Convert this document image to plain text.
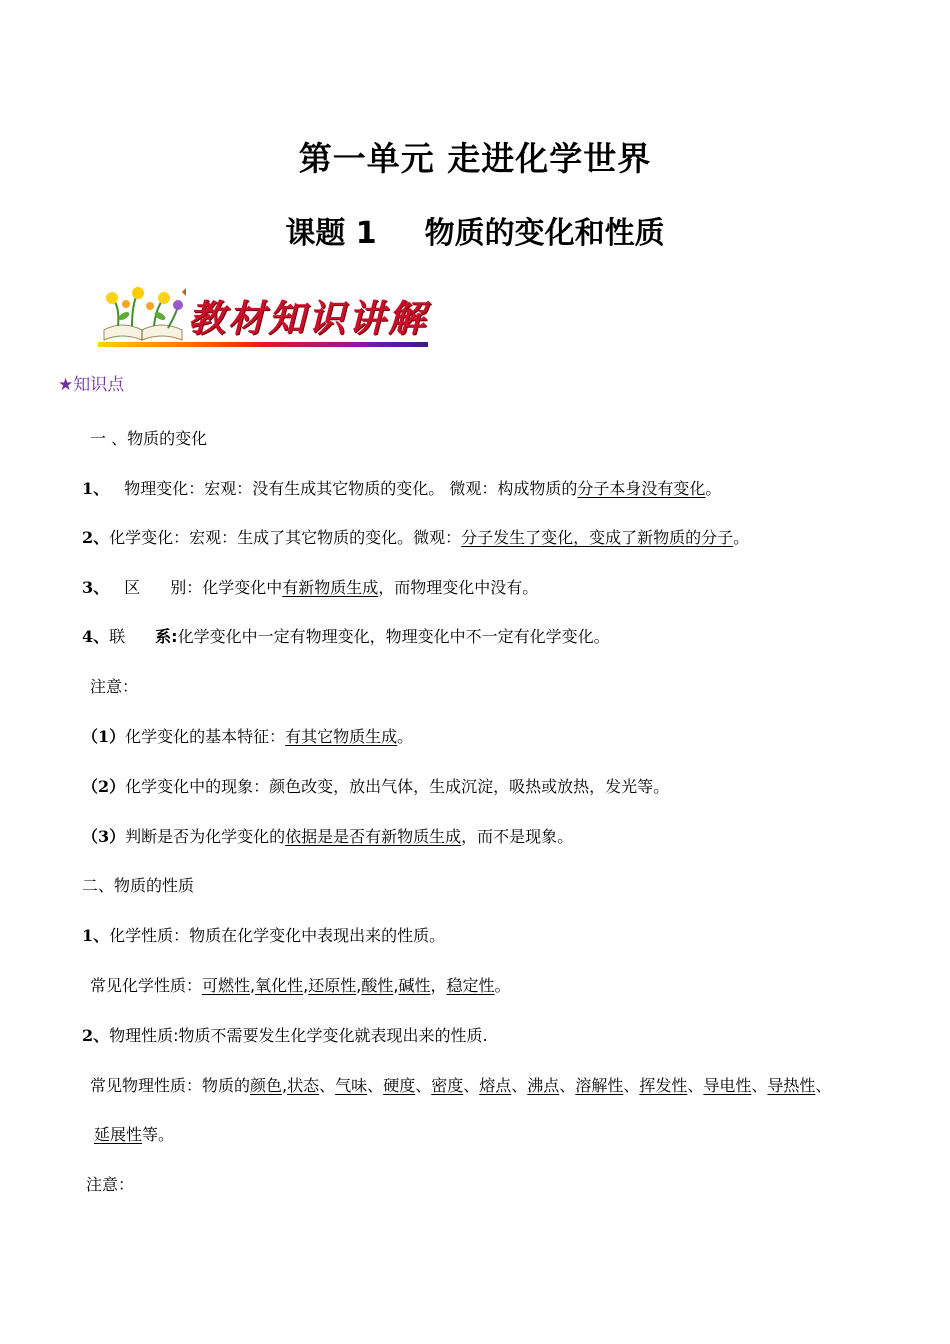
第一单元 走进化学世界
课题 1 物质的变化和性质
教材知识讲解
★知识点
一 、物质的变化
1、 物理变化：宏观：没有生成其它物质的变化。 微观：构成物质的分子本身没有变化。
2、化学变化：宏观：生成了其它物质的变化。微观：分子发生了变化，变成了新物质的分子。
3、 区 别：化学变化中有新物质生成，而物理变化中没有。
4、联 系:化学变化中一定有物理变化，物理变化中不一定有化学变化。
注意：
（1）化学变化的基本特征：有其它物质生成。
（2）化学变化中的现象：颜色改变，放出气体，生成沉淀，吸热或放热，发光等。
（3）判断是否为化学变化的依据是是否有新物质生成，而不是现象。
二、物质的性质
1、化学性质：物质在化学变化中表现出来的性质。
常见化学性质：可燃性,氧化性,还原性,酸性,碱性，稳定性。
2、物理性质:物质不需要发生化学变化就表现出来的性质.
常见物理性质：物质的颜色,状态、气味、硬度、密度、熔点、沸点、溶解性、挥发性、导电性、导热性、
延展性等。
注意：
